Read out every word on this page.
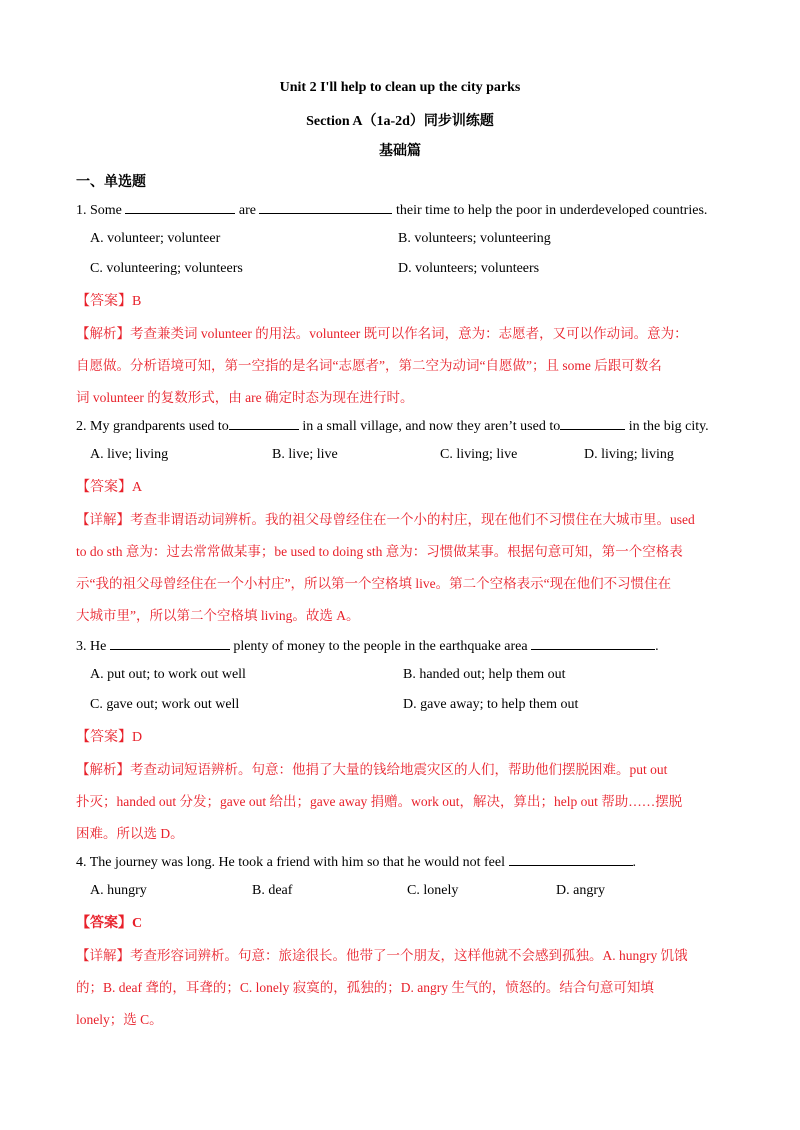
Unit 2 I'll help to clean up the city parks
Section A（1a-2d）同步训练题
基础篇
一、单选题
1. Some	are	their time to help the poor in underdeveloped countries.
A. volunteer; volunteer	B. volunteers; volunteering
C. volunteering; volunteers	D. volunteers; volunteers
【答案】B
【解析】考查兼类词 volunteer 的用法。volunteer 既可以作名词，意为：志愿者，又可以作动词。意为：
自愿做。分析语境可知，第一空指的是名词“志愿者”，第二空为动词“自愿做”；且 some 后跟可数名
词 volunteer 的复数形式，由 are 确定时态为现在进行时。
2. My grandparents used to	in a small village, and now they aren’t used to	in the big city.
A. live; living	B. live; live	C. living; live	D. living; living
【答案】A
【详解】考查非谓语动词辨析。我的祖父母曾经住在一个小的村庄，现在他们不习惯住在大城市里。used
to do sth 意为：过去常常做某事；be used to doing sth 意为：习惯做某事。根据句意可知，第一个空格表
示“我的祖父母曾经住在一个小村庄”，所以第一个空格填 live。第二个空格表示“现在他们不习惯住在
大城市里”，所以第二个空格填 living。故选 A。
3. He	plenty of money to the people in the earthquake area	.
A. put out; to work out well	B. handed out; help them out
C. gave out; work out well	D. gave away; to help them out
【答案】D
【解析】考查动词短语辨析。句意：他捐了大量的钱给地震灾区的人们，帮助他们摆脱困难。put out
扑灭；handed out 分发；gave out 给出；gave away 捐赠。work out，解决，算出；help out 帮助……摆脱
困难。所以选 D。
4. The journey was long. He took a friend with him so that he would not feel	.
A. hungry	B. deaf	C. lonely	D. angry
【答案】C
【详解】考查形容词辨析。句意：旅途很长。他带了一个朋友，这样他就不会感到孤独。A. hungry 饥饿
的；B. deaf 聋的，耳聋的；C. lonely 寂寞的，孤独的；D. angry 生气的，愤怒的。结合句意可知填
lonely；选 C。
